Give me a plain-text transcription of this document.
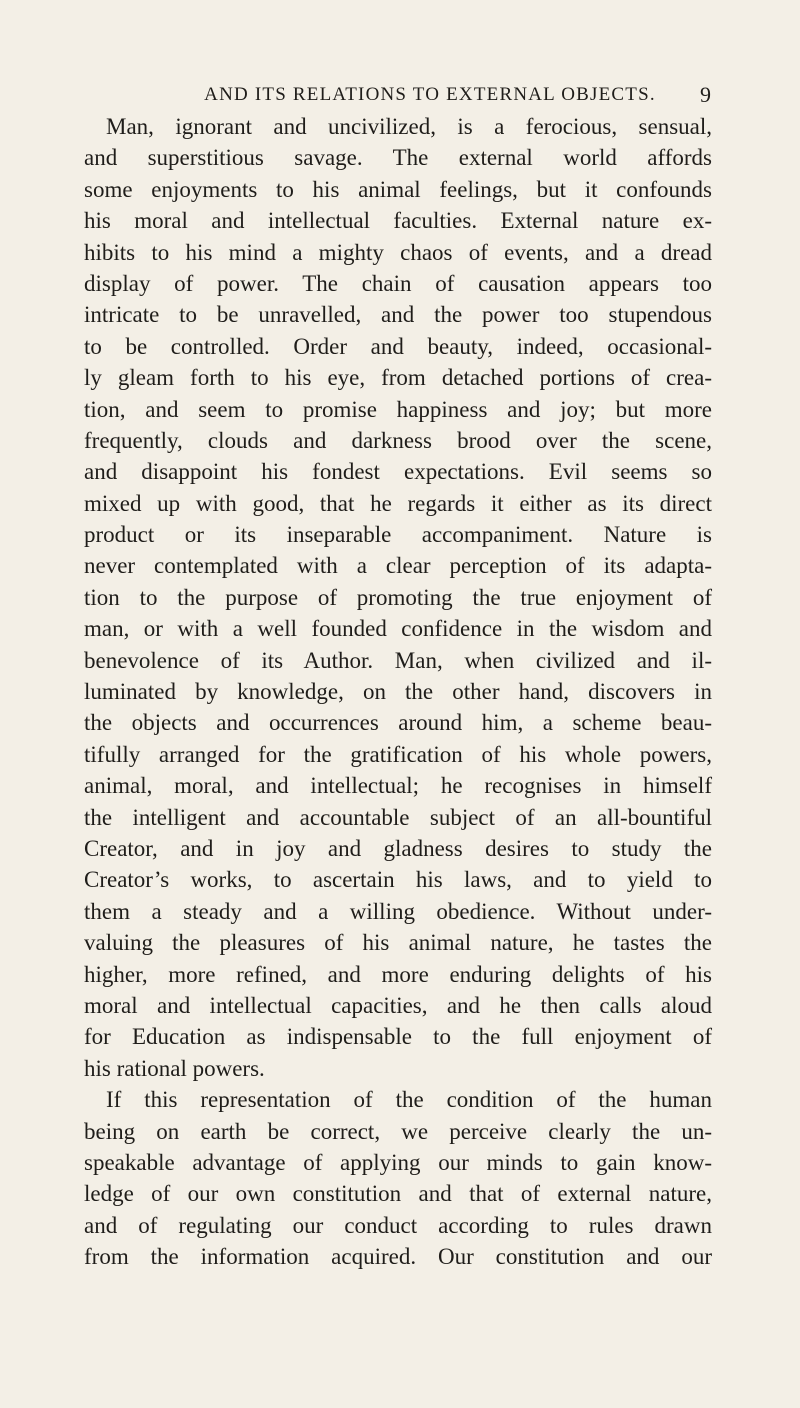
AND ITS RELATIONS TO EXTERNAL OBJECTS.	9
Man, ignorant and uncivilized, is a ferocious, sensual,
and superstitious savage. The external world affords
some enjoyments to his animal feelings, but it confounds
his moral and intellectual faculties. External nature ex-
hibits to his mind a mighty chaos of events, and a dread
display of power. The chain of causation appears too
intricate to be unravelled, and the power too stupendous
to be controlled. Order and beauty, indeed, occasional-
ly gleam forth to his eye, from detached portions of crea-
tion, and seem to promise happiness and joy; but more
frequently, clouds and darkness brood over the scene,
and disappoint his fondest expectations. Evil seems so
mixed up with good, that he regards it either as its direct
product or its inseparable accompaniment. Nature is
never contemplated with a clear perception of its adapta-
tion to the purpose of promoting the true enjoyment of
man, or with a well founded confidence in the wisdom and
benevolence of its Author. Man, when civilized and il-
luminated by knowledge, on the other hand, discovers in
the objects and occurrences around him, a scheme beau-
tifully arranged for the gratification of his whole powers,
animal, moral, and intellectual; he recognises in himself
the intelligent and accountable subject of an all-bountiful
Creator, and in joy and gladness desires to study the
Creator’s works, to ascertain his laws, and to yield to
them a steady and a willing obedience. Without under-
valuing the pleasures of his animal nature, he tastes the
higher, more refined, and more enduring delights of his
moral and intellectual capacities, and he then calls aloud
for Education as indispensable to the full enjoyment of
his rational powers.
If this representation of the condition of the human
being on earth be correct, we perceive clearly the un-
speakable advantage of applying our minds to gain know-
ledge of our own constitution and that of external nature,
and of regulating our conduct according to rules drawn
from the information acquired. Our constitution and our
